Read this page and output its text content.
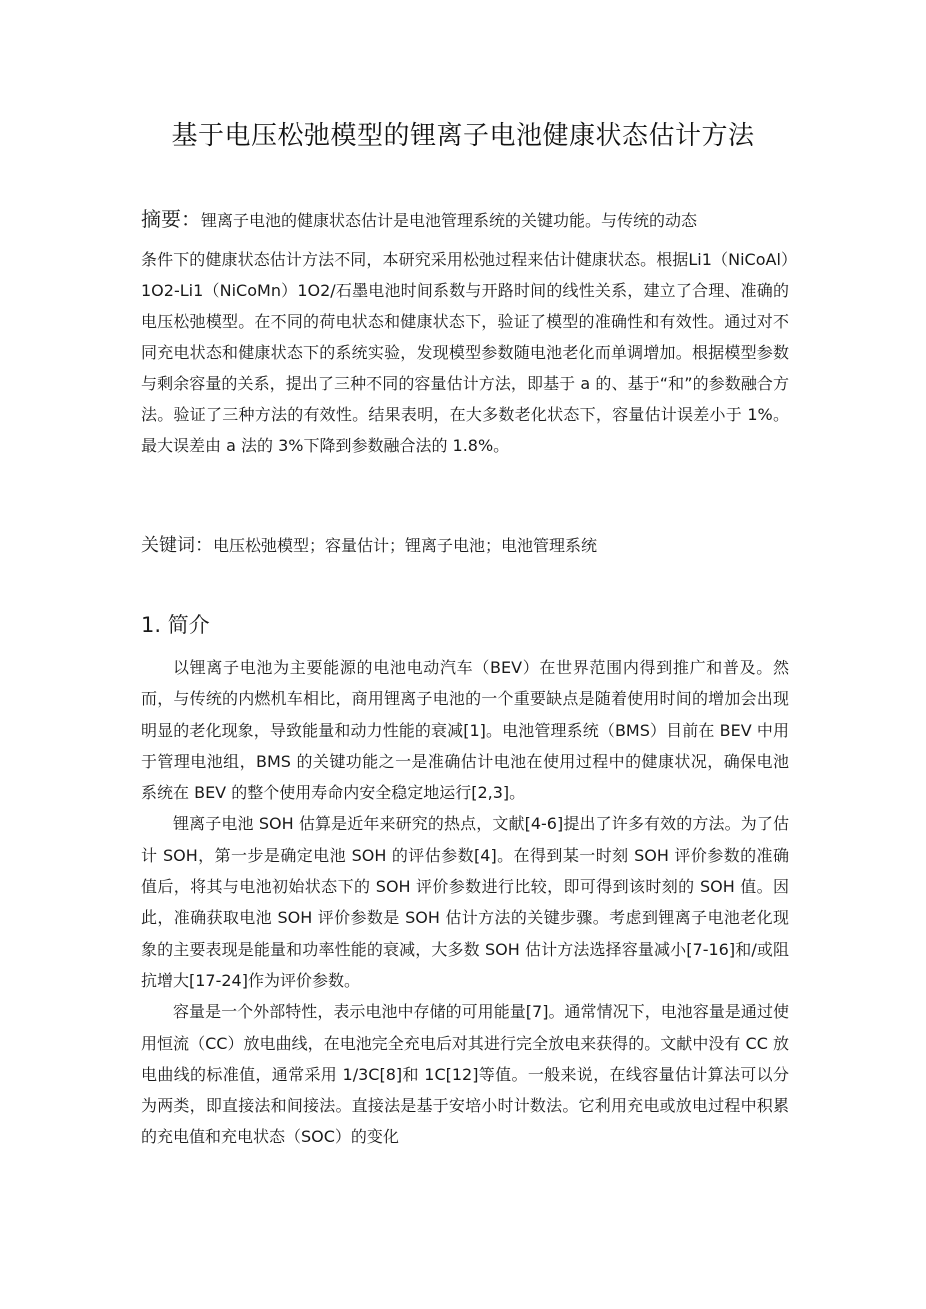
基于电压松弛模型的锂离子电池健康状态估计方法
摘要：锂离子电池的健康状态估计是电池管理系统的关键功能。与传统的动态
条件下的健康状态估计方法不同，本研究采用松弛过程来估计健康状态。根据Li1（NiCoAl）1O2-Li1（NiCoMn）1O2/石墨电池时间系数与开路时间的线性关系，建立了合理、准确的电压松弛模型。在不同的荷电状态和健康状态下，验证了模型的准确性和有效性。通过对不同充电状态和健康状态下的系统实验，发现模型参数随电池老化而单调增加。根据模型参数与剩余容量的关系，提出了三种不同的容量估计方法，即基于 a 的、基于“和”的参数融合方法。验证了三种方法的有效性。结果表明，在大多数老化状态下，容量估计误差小于 1%。最大误差由 a 法的 3%下降到参数融合法的 1.8%。
关键词：电压松弛模型；容量估计；锂离子电池；电池管理系统
1. 简介

以锂离子电池为主要能源的电池电动汽车（BEV）在世界范围内得到推广和普及。然而，与传统的内燃机车相比，商用锂离子电池的一个重要缺点是随着使用时间的增加会出现明显的老化现象，导致能量和动力性能的衰减[1]。电池管理系统（BMS）目前在 BEV 中用于管理电池组，BMS 的关键功能之一是准确估计电池在使用过程中的健康状况，确保电池系统在 BEV 的整个使用寿命内安全稳定地运行[2,3]。

锂离子电池 SOH 估算是近年来研究的热点，文献[4-6]提出了许多有效的方法。为了估计 SOH，第一步是确定电池 SOH 的评估参数[4]。在得到某一时刻 SOH 评价参数的准确值后，将其与电池初始状态下的 SOH 评价参数进行比较，即可得到该时刻的 SOH 值。因此，准确获取电池 SOH 评价参数是 SOH 估计方法的关键步骤。考虑到锂离子电池老化现象的主要表现是能量和功率性能的衰减，大多数 SOH 估计方法选择容量减小[7-16]和/或阻抗增大[17-24]作为评价参数。

容量是一个外部特性，表示电池中存储的可用能量[7]。通常情况下，电池容量是通过使用恒流（CC）放电曲线，在电池完全充电后对其进行完全放电来获得的。文献中没有 CC 放电曲线的标准值，通常采用 1/3C[8]和 1C[12]等值。一般来说，在线容量估计算法可以分为两类，即直接法和间接法。直接法是基于安培小时计数法。它利用充电或放电过程中积累的充电值和充电状态（SOC）的变化
